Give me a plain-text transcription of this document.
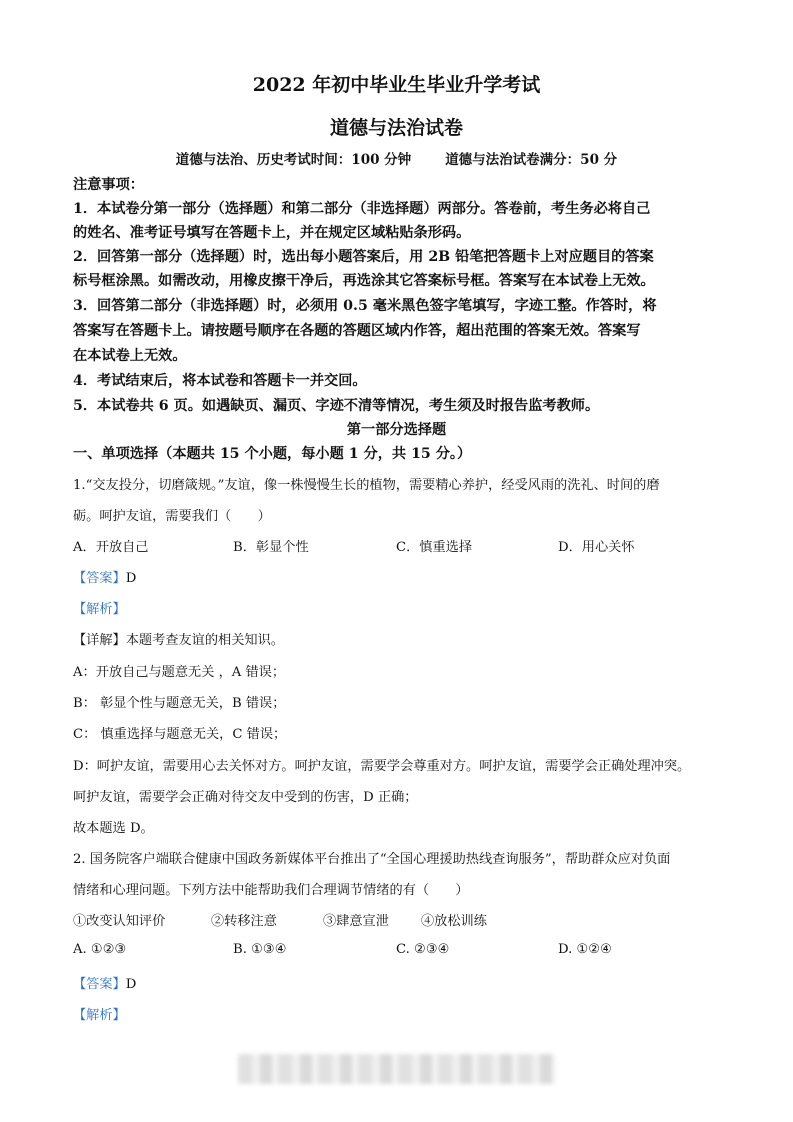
2022 年初中毕业生毕业升学考试
道德与法治试卷
道德与法治、历史考试时间：100 分钟	道德与法治试卷满分：50 分
注意事项：
1．本试卷分第一部分（选择题）和第二部分（非选择题）两部分。答卷前，考生务必将自己
的姓名、准考证号填写在答题卡上，并在规定区域粘贴条形码。
2．回答第一部分（选择题）时，选出每小题答案后，用 2B 铅笔把答题卡上对应题目的答案
标号框涂黑。如需改动，用橡皮擦干净后，再选涂其它答案标号框。答案写在本试卷上无效。
3．回答第二部分（非选择题）时，必须用 0.5 毫米黑色签字笔填写，字迹工整。作答时，将
答案写在答题卡上。请按题号顺序在各题的答题区域内作答，超出范围的答案无效。答案写
在本试卷上无效。
4．考试结束后，将本试卷和答题卡一并交回。
5．本试卷共 6 页。如遇缺页、漏页、字迹不清等情况，考生须及时报告监考教师。
第一部分选择题
一、单项选择（本题共 15 个小题，每小题 1 分，共 15 分。）
1.“交友投分，切磨箴规。”友谊，像一株慢慢生长的植物，需要精心养护，经受风雨的洗礼、时间的磨
砺。呵护友谊，需要我们（　　）
A．开放自己	B．彰显个性	C．慎重选择	D．用心关怀
【答案】D
【解析】
【详解】本题考查友谊的相关知识。
A：开放自己与题意无关 ，A 错误；
B： 彰显个性与题意无关，B 错误；
C： 慎重选择与题意无关，C 错误；
D：呵护友谊，需要用心去关怀对方。呵护友谊，需要学会尊重对方。呵护友谊，需要学会正确处理冲突。
呵护友谊，需要学会正确对待交友中受到的伤害，D 正确；
故本题选 D。
2. 国务院客户端联合健康中国政务新媒体平台推出了“全国心理援助热线查询服务”，帮助群众应对负面
情绪和心理问题。下列方法中能帮助我们合理调节情绪的有（　　）
①改变认知评价	②转移注意	③肆意宣泄 ④放松训练
A. ①②③	B. ①③④	C. ②③④	D. ①②④
【答案】D
【解析】
